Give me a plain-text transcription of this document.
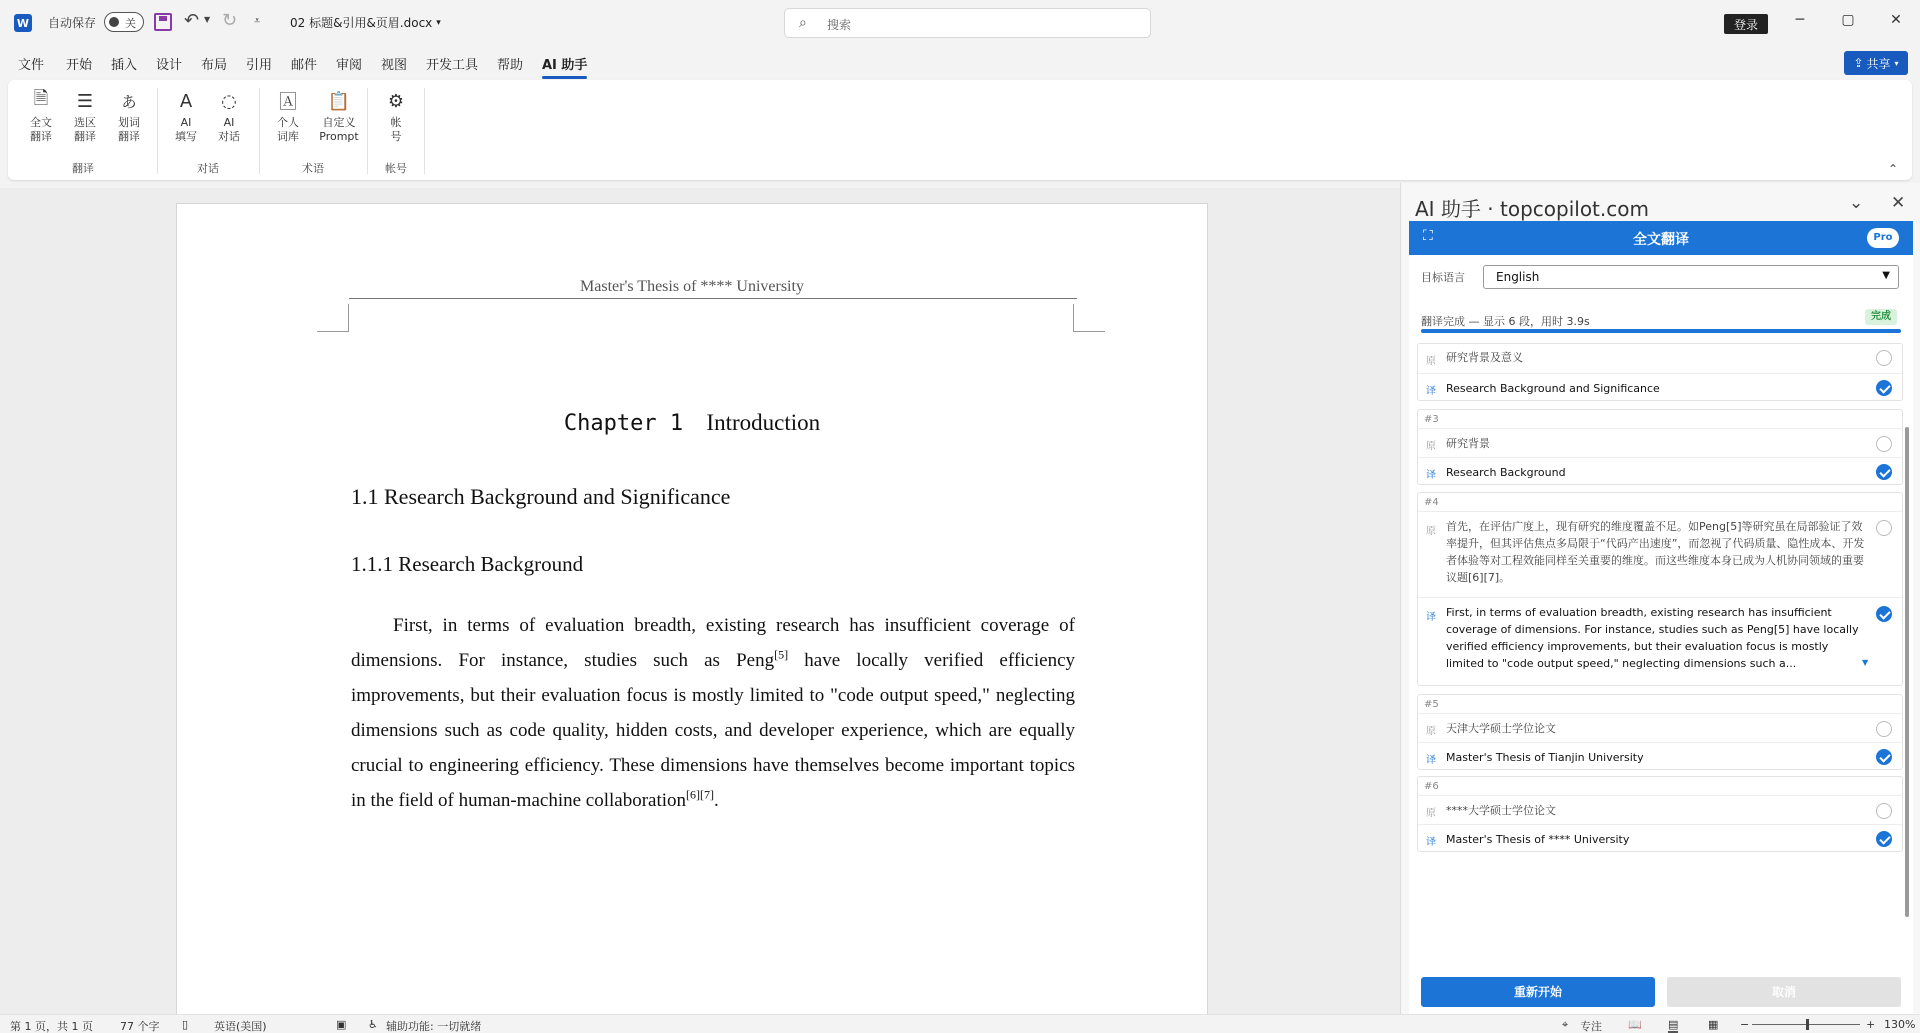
W 自动保存	关	↶ ▼ ↻ ⩡ 02 标题&引用&页眉.docx ▾	⌕ 搜索	登录	─	▢	✕
文件 开始 插入 设计 布局 引用 邮件 审阅 视图 开发工具 帮助 AI 助手	⇪ 共享 ▾
🗎
全文
翻译
☰
选区
翻译
あ
划词
翻译
A
AI
填写
◌
AI
对话
🄰
个人
词库
📋
自定义
Prompt
⚙
帐
号
翻译	对话	术语	帐号	⌃
Master's Thesis of **** University
Chapter 1 Introduction
1.1 Research Background and Significance
1.1.1 Research Background
First, in terms of evaluation breadth, existing research has insufficient coverage of dimensions. For instance, studies such as Peng[5] have locally verified efficiency improvements, but their evaluation focus is mostly limited to "code output speed," neglecting dimensions such as code quality, hidden costs, and developer experience, which are equally crucial to engineering efficiency. These dimensions have themselves become important topics in the field of human-machine collaboration[6][7].
AI 助手 · topcopilot.com	⌄ ✕
⛶	全文翻译	Pro
目标语言	English	▼
翻译完成 — 显示 6 段，用时 3.9s	完成
原 研究背景及意义
译 Research Background and Significance
#3
原 研究背景
译 Research Background
#4
原 首先，在评估广度上，现有研究的维度覆盖不足。如Peng[5]等研究虽在局部验证了效率提升，但其评估焦点多局限于“代码产出速度”，而忽视了代码质量、隐性成本、开发者体验等对工程效能同样至关重要的维度。而这些维度本身已成为人机协同领域的重要议题[6][7]。
译 First, in terms of evaluation breadth, existing research has insufficient coverage of dimensions. For instance, studies such as Peng[5] have locally verified efficiency improvements, but their evaluation focus is mostly limited to "code output speed," neglecting dimensions such a...	▼
#5
原 天津大学硕士学位论文
译 Master's Thesis of Tianjin University
#6
原 ****大学硕士学位论文
译 Master's Thesis of **** University
重新开始	取消
第 1 页，共 1 页 77 个字 ▯ 英语(美国)	▣ ♿ 辅助功能: 一切就绪	⌖ 专注 📖 ▤	▦ −	+ 130%
